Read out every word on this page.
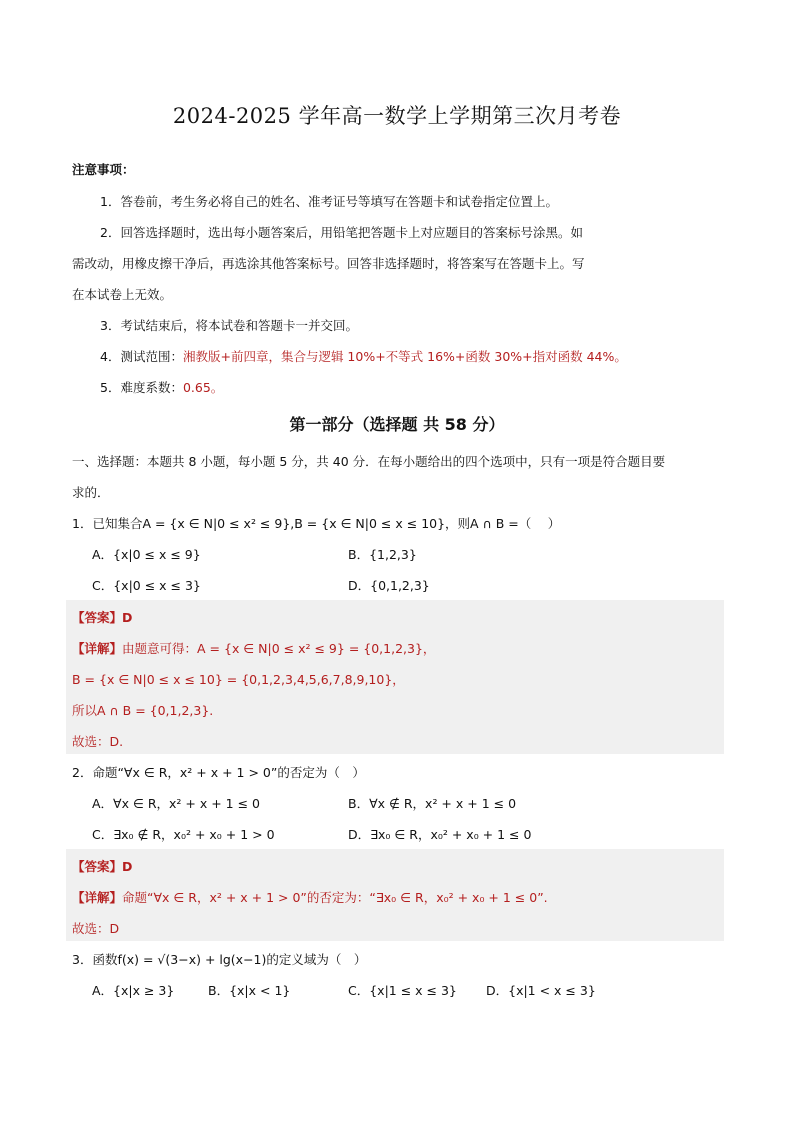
2024-2025 学年高一数学上学期第三次月考卷
注意事项：
1．答卷前，考生务必将自己的姓名、准考证号等填写在答题卡和试卷指定位置上。
2．回答选择题时，选出每小题答案后，用铅笔把答题卡上对应题目的答案标号涂黑。如
需改动，用橡皮擦干净后，再选涂其他答案标号。回答非选择题时，将答案写在答题卡上。写
在本试卷上无效。
3．考试结束后，将本试卷和答题卡一并交回。
4．测试范围：湘教版+前四章，集合与逻辑 10%+不等式 16%+函数 30%+指对函数 44%。
5．难度系数：0.65。
第一部分（选择题 共 58 分）
一、选择题：本题共 8 小题，每小题 5 分，共 40 分．在每小题给出的四个选项中，只有一项是符合题目要
求的．
1．已知集合A = {x ∈ N|0 ≤ x² ≤ 9},B = {x ∈ N|0 ≤ x ≤ 10}，则A ∩ B =（　 ）
A．{x|0 ≤ x ≤ 9}	B．{1,2,3}
C．{x|0 ≤ x ≤ 3}	D．{0,1,2,3}
【答案】D
【详解】由题意可得：A = {x ∈ N|0 ≤ x² ≤ 9} = {0,1,2,3}，
B = {x ∈ N|0 ≤ x ≤ 10} = {0,1,2,3,4,5,6,7,8,9,10}，
所以A ∩ B = {0,1,2,3}.
故选：D.
2．命题“∀x ∈ R，x² + x + 1 > 0”的否定为（　）
A．∀x ∈ R，x² + x + 1 ≤ 0	B．∀x ∉ R，x² + x + 1 ≤ 0
C．∃x₀ ∉ R，x₀² + x₀ + 1 > 0	D．∃x₀ ∈ R，x₀² + x₀ + 1 ≤ 0
【答案】D
【详解】命题“∀x ∈ R，x² + x + 1 > 0”的否定为：“∃x₀ ∈ R，x₀² + x₀ + 1 ≤ 0”.
故选：D
3．函数f(x) = √(3−x) + lg(x−1)的定义域为（　）
A．{x|x ≥ 3}	B．{x|x < 1}	C．{x|1 ≤ x ≤ 3} D．{x|1 < x ≤ 3}
